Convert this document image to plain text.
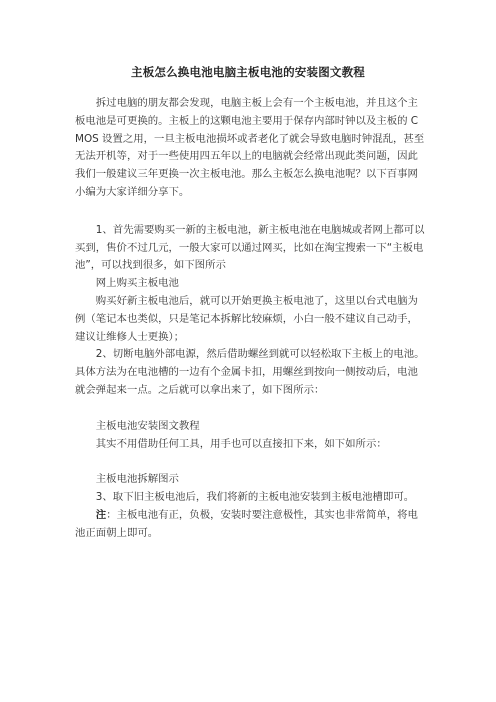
主板怎么换电池电脑主板电池的安装图文教程

拆过电脑的朋友都会发现，电脑主板上会有一个主板电池，并且这个主板电池是可更换的。主板上的这颗电池主要用于保存内部时钟以及主板的 CMOS 设置之用，一旦主板电池损坏或者老化了就会导致电脑时钟混乱，甚至无法开机等，对于一些使用四五年以上的电脑就会经常出现此类问题，因此我们一般建议三年更换一次主板电池。那么主板怎么换电池呢？以下百事网小编为大家详细分享下。

1、首先需要购买一新的主板电池，新主板电池在电脑城或者网上都可以买到，售价不过几元，一般大家可以通过网买，比如在淘宝搜索一下“主板电池”，可以找到很多，如下图所示

网上购买主板电池

购买好新主板电池后，就可以开始更换主板电池了，这里以台式电脑为例（笔记本也类似，只是笔记本拆解比较麻烦，小白一般不建议自己动手，建议让维修人士更换）；

2、切断电脑外部电源，然后借助螺丝到就可以轻松取下主板上的电池。具体方法为在电池槽的一边有个金属卡扣，用螺丝到按向一侧按动后，电池就会弹起来一点。之后就可以拿出来了，如下图所示：

主板电池安装图文教程

其实不用借助任何工具，用手也可以直接扣下来，如下如所示：

主板电池拆解图示

3、取下旧主板电池后，我们将新的主板电池安装到主板电池槽即可。

注：主板电池有正，负极，安装时要注意极性，其实也非常简单，将电池正面朝上即可。
